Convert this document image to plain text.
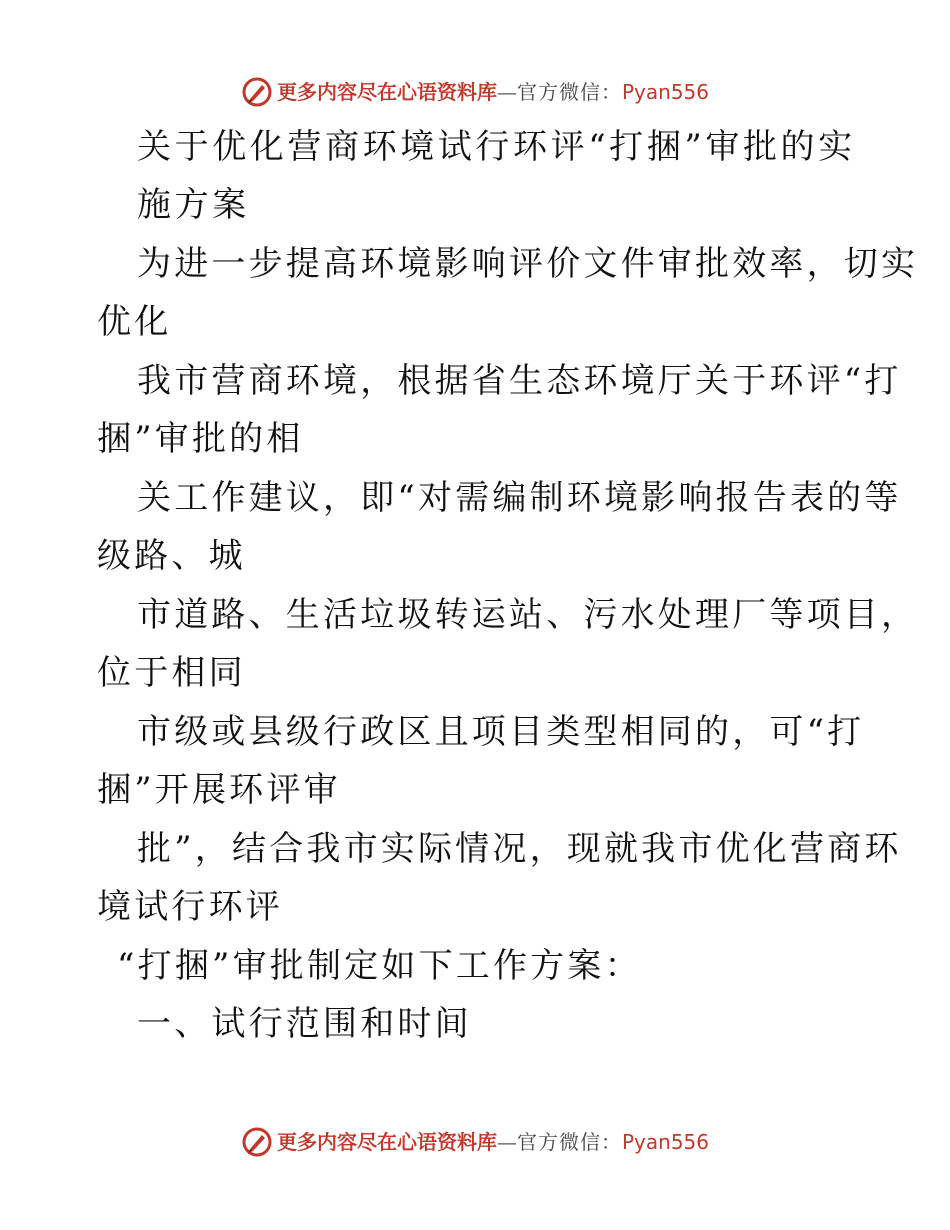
更多内容尽在心语资料库 — 官方微信： Pyan556
关于优化营商环境试行环评“打捆”审批的实
施方案
为进一步提高环境影响评价文件审批效率，切实
优化
我市营商环境，根据省生态环境厅关于环评“打
捆”审批的相
关工作建议，即“对需编制环境影响报告表的等
级路、城
市道路、生活垃圾转运站、污水处理厂等项目，
位于相同
市级或县级行政区且项目类型相同的，可“打
捆”开展环评审
批”，结合我市实际情况，现就我市优化营商环
境试行环评
“打捆”审批制定如下工作方案：
一、试行范围和时间
更多内容尽在心语资料库 — 官方微信： Pyan556
